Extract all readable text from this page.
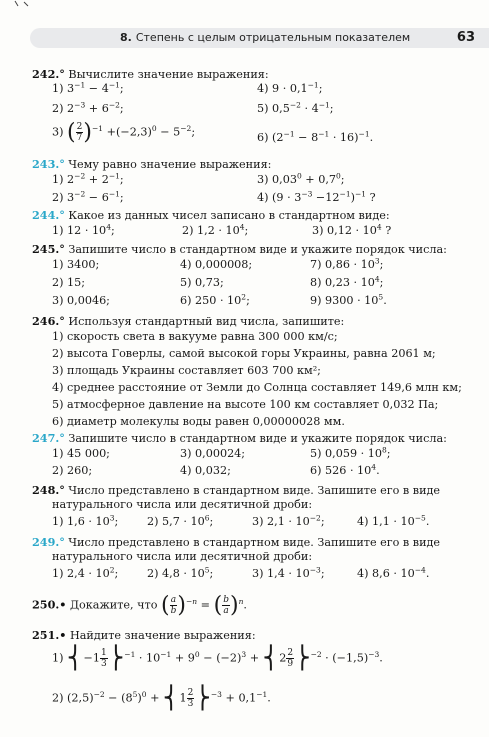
8. Степень с целым отрицательным показателем	63
242.° Вычислите значение выражения:
1) $3^{-1} - 4^{-1}$;	4) $9 \cdot 0,1^{-1}$;
2) $2^{-3} + 6^{-2}$;	5) $0,5^{-2} \cdot 4^{-1}$;
3) ( $\frac{2}{7} )^{-1} +(-2,3)^0 - 5^{-2}$;	6) $(2^{-1} - 8^{-1} \cdot 16)^{-1}$.
243.° Чему равно значение выражения:
1) $2^{-2} + 2^{-1}$;	3) $0,03^0 + 0,7^0$;
2) $3^{-2} - 6^{-1}$;	4) $(9 \cdot 3^{-3} -12^{-1})^{-1}$ ?
244.° Какое из данных чисел записано в стандартном виде:
1) $12 \cdot 10^4$;	2) $1,2 \cdot 10^4$;	3) $0,12 \cdot 10^4$ ?
245.° Запишите число в стандартном виде и укажите порядок числа:
1) 3400;	4) 0,000008;	7) $0,86 \cdot 10^3$;
2) 15;	5) 0,73;	8) $0,23 \cdot 10^4$;
3) 0,0046;	6) $250 \cdot 10^2$;	9) $9300 \cdot 10^5$.
246.° Используя стандартный вид числа, запишите:
1) скорость света в вакууме равна 300 000 км/с;
2) высота Говерлы, самой высокой горы Украины, равна 2061 м;
3) площадь Украины составляет 603 700 км²;
4) среднее расстояние от Земли до Солнца составляет 149,6 млн км;
5) атмосферное давление на высоте 100 км составляет 0,032 Па;
6) диаметр молекулы воды равен 0,00000028 мм.
247.° Запишите число в стандартном виде и укажите порядок числа:
1) 45 000;	3) 0,00024;	5) $0,059 \cdot 10^8$;
2) 260;	4) 0,032;	6) $526 \cdot 10^4$.
248.° Число представлено в стандартном виде. Запишите его в виде
натурального числа или десятичной дроби:
1) $1,6 \cdot 10^3$;	2) $5,7 \cdot 10^6$;	3) $2,1 \cdot 10^{-2}$;	4) $1,1 \cdot 10^{-5}$.
249.° Число представлено в стандартном виде. Запишите его в виде
натурального числа или десятичной дроби:
1) $2,4 \cdot 10^2$;	2) $4,8 \cdot 10^5$;	3) $1,4 \cdot 10^{-3}$;	4) $8,6 \cdot 10^{-4}$.
250.• Докажите, что ( $\frac{a}{b} )^{-n}$ = ( $\frac{b}{a} )^n$.
251.• Найдите значение выражения:
1) ⎨−1 $\frac{1}{3}$ ⎬$^{-1}$ · $10^{-1} + 9^0 - (-2)^3$ + ⎨2 $\frac{2}{9}$ ⎬$^{-2}$ · $(-1,5)^{-3}$.
2) $(2,5)^{-2} - (8^5)^0$ + ⎨1 $\frac{2}{3}$ ⎬$^{-3}$ + $0,1^{-1}$.
